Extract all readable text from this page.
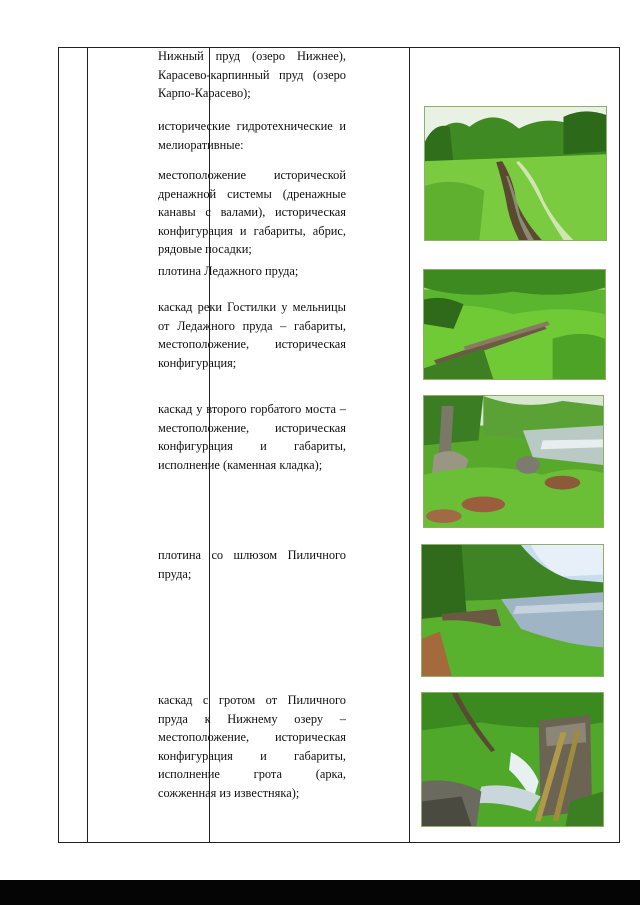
Нижный пруд (озеро Нижнее), Карасево-карпинный пруд (озеро Карпо-Карасево);
исторические гидротехнические и мелиоративные:
местоположение исторической дренажной системы (дренажные канавы с валами), историческая конфигурация и габариты, абрис, рядовые посадки;
плотина Ледажного пруда;
каскад реки Гостилки у мельницы от Ледажного пруда – габариты, местоположение, историческая конфигурация;
каскад у второго горбатого моста – местоположение, историческая конфигурация и габариты, исполнение (каменная кладка);
плотина со шлюзом Пиличного пруда;
каскад с гротом от Пиличного пруда к Нижнему озеру – местоположение, историческая конфигурация и габариты, исполнение грота (арка, сожженная из известняка);
